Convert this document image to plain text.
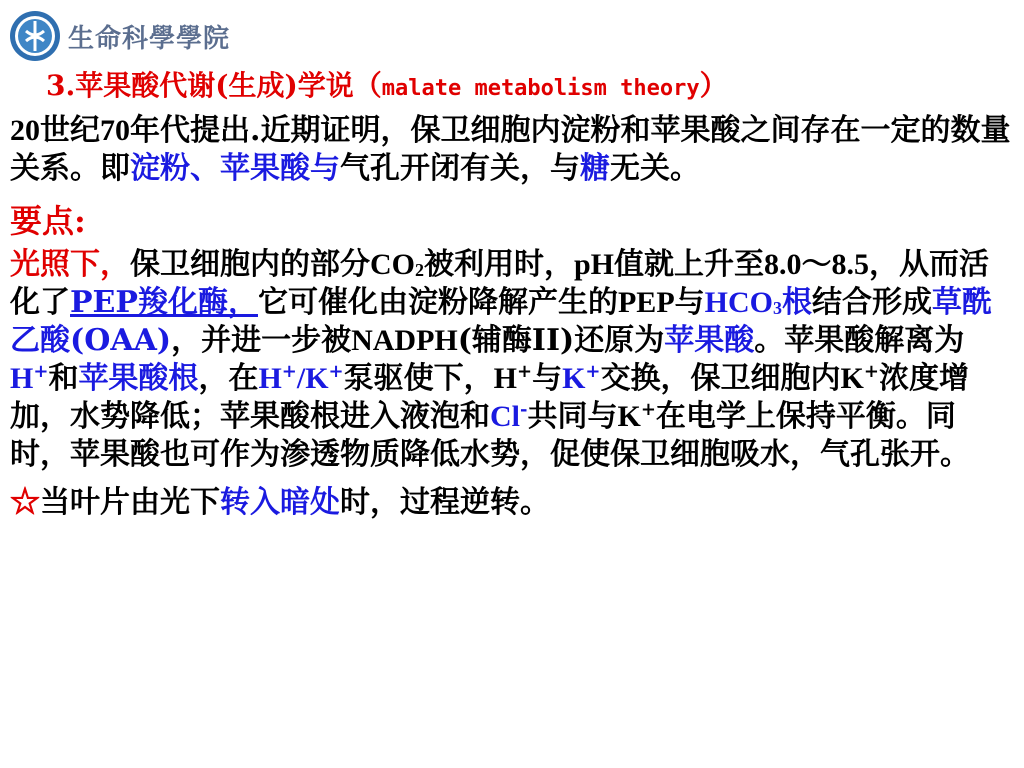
生命科學學院
3.苹果酸代谢(生成)学说（malate metabolism theory）

20世纪70年代提出.近期证明，保卫细胞内淀粉和苹果酸之间存在一定的数量关系。即淀粉、苹果酸与气孔开闭有关，与糖无关。

要点:

光照下，保卫细胞内的部分$CO_2$被利用时，pH值就上升至8.0～8.5，从而活化了PEP羧化酶，它可催化由淀粉降解产生的PEP与$HCO_3$根结合形成草酰乙酸(OAA)，并进一步被NADPH(辅酶II)还原为苹果酸。苹果酸解离为H+和苹果酸根，在H+/K+泵驱使下，H+与K+交换，保卫细胞内K+浓度增加，水势降低；苹果酸根进入液泡和Cl-共同与K+在电学上保持平衡。同时，苹果酸也可作为渗透物质降低水势，促使保卫细胞吸水，气孔张开。

☆当叶片由光下转入暗处时，过程逆转。
